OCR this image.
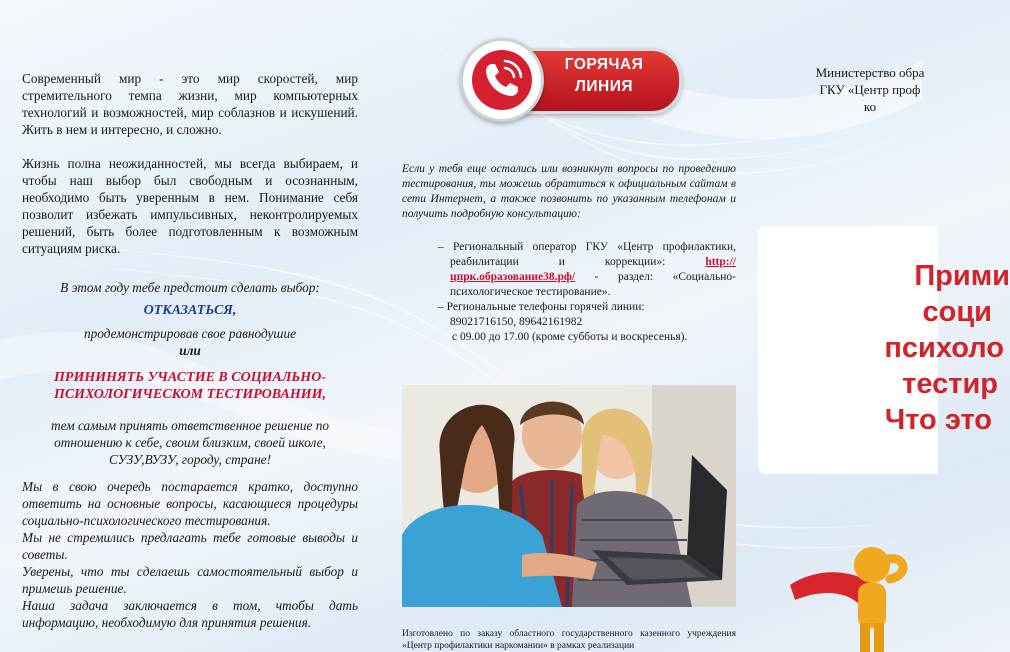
Современный мир - это мир скоростей, мир стремительного темпа жизни, мир компьютерных технологий и возможностей, мир соблазнов и искушений. Жить в нем и интересно, и сложно.

Жизнь полна неожиданностей, мы всегда выбираем, и чтобы наш выбор был свободным и осознанным, необходимо быть уверенным в нем. Понимание себя позволит избежать импульсивных, неконтролируемых решений, быть более подготовленным к возможным ситуациям риска.

В этом году тебе предстоит сделать выбор:

ОТКАЗАТЬСЯ,

продемонстрировав свое равнодушие

или

ПРИНИНЯТЬ УЧАСТИЕ В СОЦИАЛЬНО-ПСИХОЛОГИЧЕСКОМ ТЕСТИРОВАНИИ,

тем самым принять ответственное решение по отношению к себе, своим близким, своей школе, СУЗУ,ВУЗУ, городу, стране!

Мы в свою очередь постарается кратко, доступно ответить на основные вопросы, касающиеся процедуры социально-психологического тестирования.

Мы не стремились предлагать тебе готовые выводы и советы.

Уверены, что ты сделаешь самостоятельный выбор и примешь решение.

Наша задача заключается в том, чтобы дать информацию, необходимую для принятия решения.

ГОРЯЧАЯ
ЛИНИЯ

Если у тебя еще остались или возникнут вопросы по проведению тестирования, ты можешь обратиться к официальным сайтам в сети Интернет, а также позвонить по указанным телефонам и получить подробную консультацию:

– Региональный оператор ГКУ «Центр профилактики, реабилитации и коррекции»:	http://цпрк.образование38.рф/ - раздел: «Социально-психологическое тестирование».
– Региональные телефоны горячей линии:
89021716150, 89642161982
с 09.00 до 17.00 (кроме субботы и воскресенья).
Изготовлено по заказу областного государственного казенного учреждения «Центр профилактики наркомании» в рамках реализации
Министерство обра
ГКУ «Центр проф
ко
Прими
соци
психоло
тестир
Что это
